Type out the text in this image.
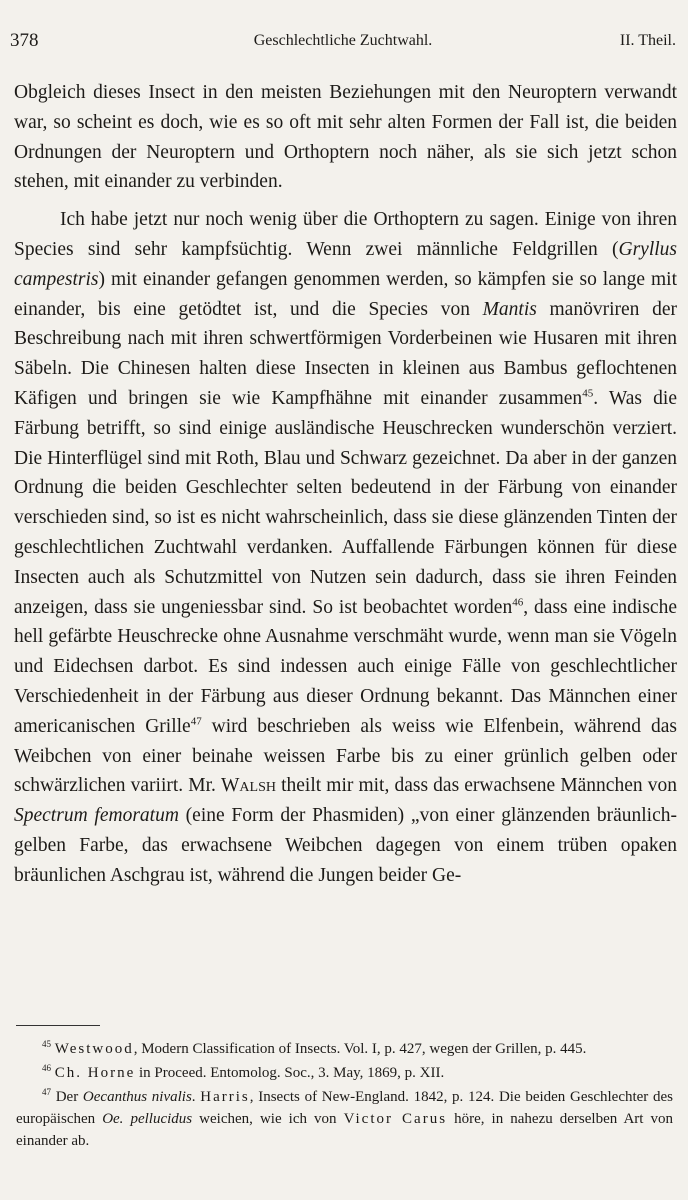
378	Geschlechtliche Zuchtwahl.	II. Theil.

Obgleich dieses Insect in den meisten Beziehungen mit den Neuroptern verwandt war, so scheint es doch, wie es so oft mit sehr alten Formen der Fall ist, die beiden Ordnungen der Neuroptern und Orthoptern noch näher, als sie sich jetzt schon stehen, mit einander zu verbinden.

Ich habe jetzt nur noch wenig über die Orthoptern zu sagen. Einige von ihren Species sind sehr kampfsüchtig. Wenn zwei männliche Feldgrillen (Gryllus campestris) mit einander gefangen genommen werden, so kämpfen sie so lange mit einander, bis eine getödtet ist, und die Species von Mantis manövriren der Beschreibung nach mit ihren schwertförmigen Vorderbeinen wie Husaren mit ihren Säbeln. Die Chinesen halten diese Insecten in kleinen aus Bambus geflochtenen Käfigen und bringen sie wie Kampfhähne mit einander zusammen$^{45}$. Was die Färbung betrifft, so sind einige ausländische Heuschrecken wunderschön verziert. Die Hinterflügel sind mit Roth, Blau und Schwarz gezeichnet. Da aber in der ganzen Ordnung die beiden Geschlechter selten bedeutend in der Färbung von einander verschieden sind, so ist es nicht wahrscheinlich, dass sie diese glänzenden Tinten der geschlechtlichen Zuchtwahl verdanken. Auffallende Färbungen können für diese Insecten auch als Schutzmittel von Nutzen sein dadurch, dass sie ihren Feinden anzeigen, dass sie ungeniessbar sind. So ist beobachtet worden$^{46}$, dass eine indische hell gefärbte Heuschrecke ohne Ausnahme verschmäht wurde, wenn man sie Vögeln und Eidechsen darbot. Es sind indessen auch einige Fälle von geschlechtlicher Verschiedenheit in der Färbung aus dieser Ordnung bekannt. Das Männchen einer americanischen Grille$^{47}$ wird beschrieben als weiss wie Elfenbein, während das Weibchen von einer beinahe weissen Farbe bis zu einer grünlich gelben oder schwärzlichen variirt. Mr. Walsh theilt mir mit, dass das erwachsene Männchen von Spectrum femoratum (eine Form der Phasmiden) „von einer glänzenden bräunlich-gelben Farbe, das erwachsene Weibchen dagegen von einem trüben opaken bräunlichen Aschgrau ist, während die Jungen beider Ge-

$^{45}$ Westwood, Modern Classification of Insects. Vol. I, p. 427, wegen der Grillen, p. 445.

$^{46}$ Ch. Horne in Proceed. Entomolog. Soc., 3. May, 1869, p. XII.

$^{47}$ Der Oecanthus nivalis. Harris, Insects of New-England. 1842, p. 124. Die beiden Geschlechter des europäischen Oe. pellucidus weichen, wie ich von Victor Carus höre, in nahezu derselben Art von einander ab.
